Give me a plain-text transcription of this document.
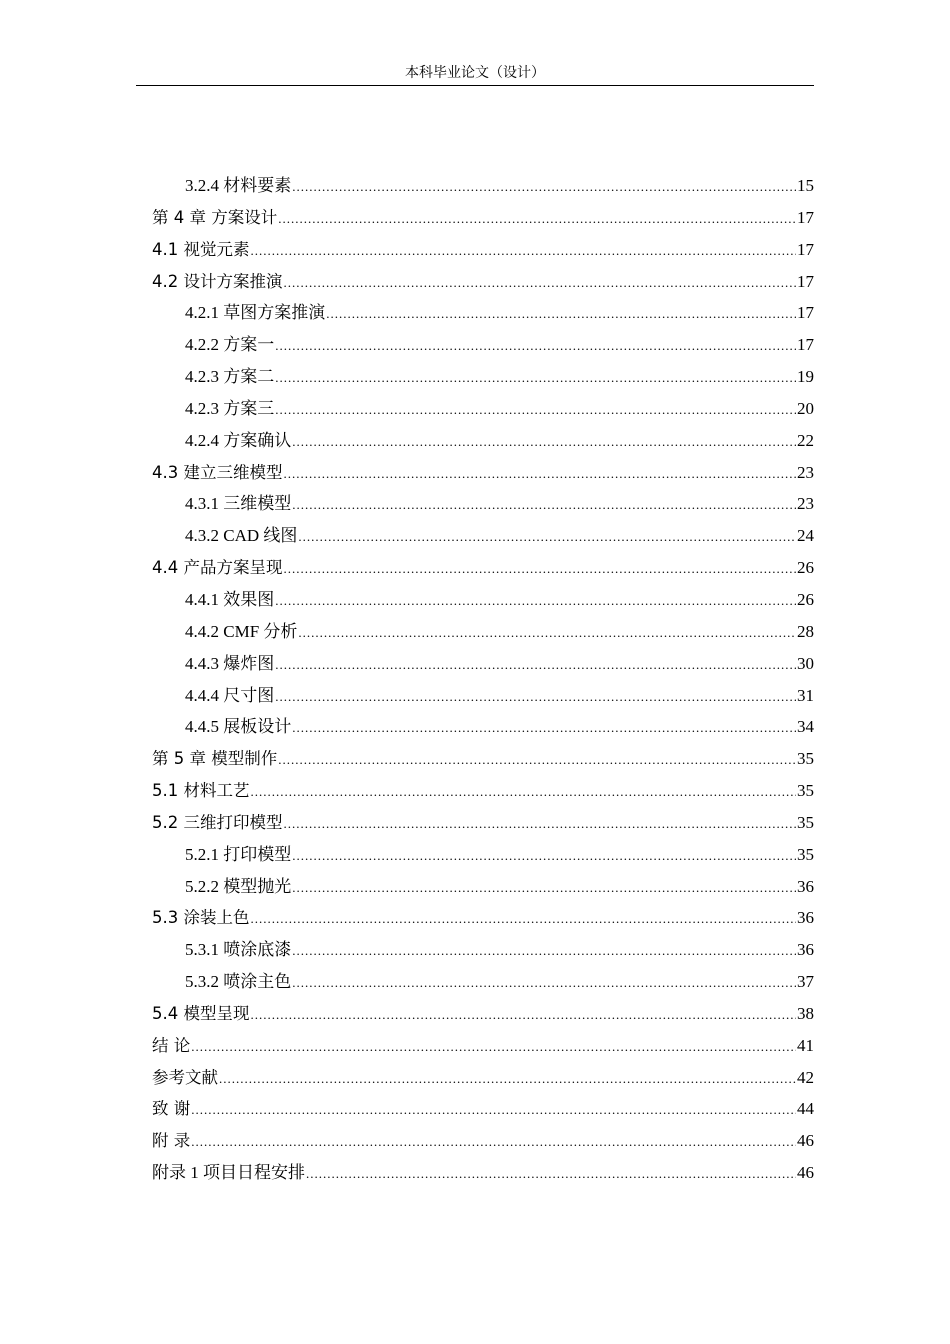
本科毕业论文（设计）
3.2.4 材料要素 .....	15
第 4 章 方案设计 .....	17
4.1 视觉元素 .....	17
4.2 设计方案推演 .....	17
4.2.1 草图方案推演 .....	17
4.2.2 方案一 .....	17
4.2.3 方案二 .....	19
4.2.3 方案三 .....	20
4.2.4 方案确认 .....	22
4.3 建立三维模型 .....	23
4.3.1 三维模型 .....	23
4.3.2 CAD 线图 .....	24
4.4 产品方案呈现 .....	26
4.4.1 效果图 .....	26
4.4.2 CMF 分析 .....	28
4.4.3 爆炸图 .....	30
4.4.4 尺寸图 .....	31
4.4.5 展板设计 .....	34
第 5 章 模型制作 .....	35
5.1 材料工艺 .....	35
5.2 三维打印模型 .....	35
5.2.1 打印模型 .....	35
5.2.2 模型抛光 .....	36
5.3 涂装上色 .....	36
5.3.1 喷涂底漆 .....	36
5.3.2 喷涂主色 .....	37
5.4 模型呈现 .....	38
结 论 .....	41
参考文献 .....	42
致 谢 .....	44
附 录 .....	46
附录 1 项目日程安排 .....	46
